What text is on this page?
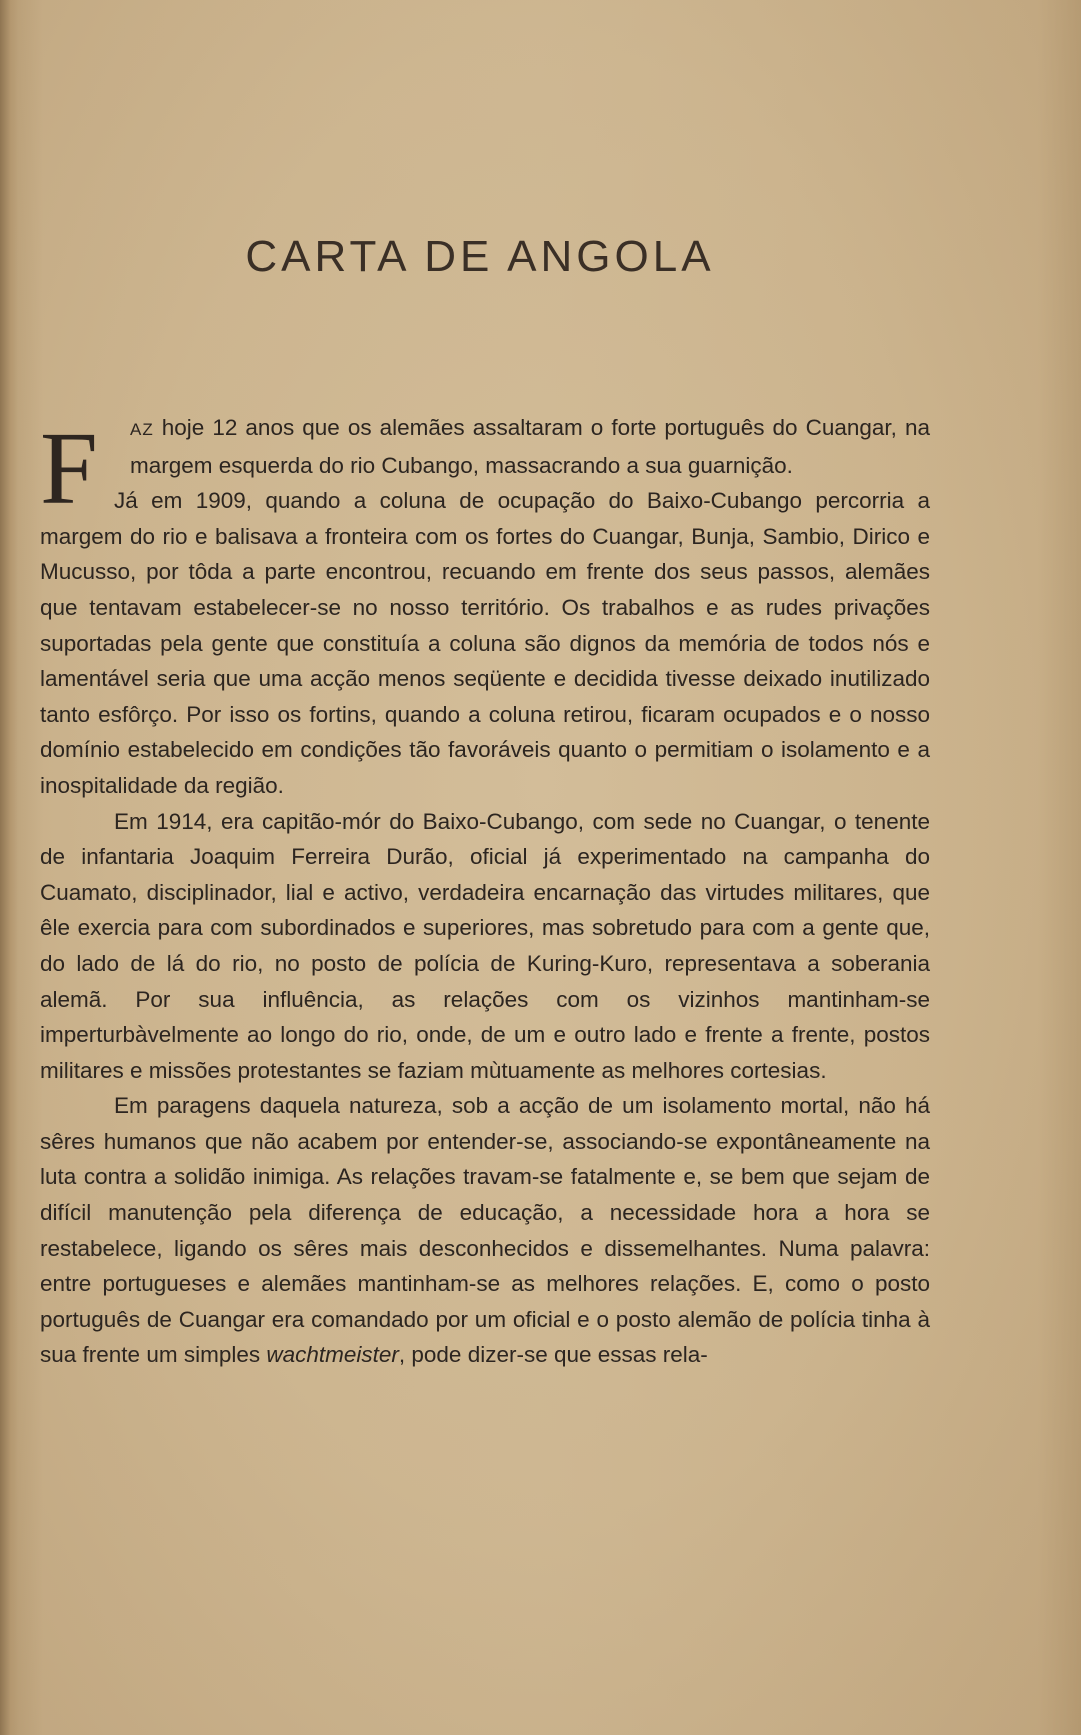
CARTA DE ANGOLA
F	AZ hoje 12 anos que os alemães assaltaram o forte português do Cuangar, na margem esquerda do rio Cubango, massacrando a sua guarnição.

Já em 1909, quando a coluna de ocupação do Baixo-Cubango percorria a margem do rio e balisava a fronteira com os fortes do Cuangar, Bunja, Sambio, Dirico e Mucusso, por tôda a parte encontrou, recuando em frente dos seus passos, alemães que tentavam estabelecer-se no nosso território. Os trabalhos e as rudes privações suportadas pela gente que constituía a coluna são dignos da memória de todos nós e lamentável seria que uma acção menos seqüente e decidida tivesse deixado inutilizado tanto esfôrço. Por isso os fortins, quando a coluna retirou, ficaram ocupados e o nosso domínio estabelecido em condições tão favoráveis quanto o permitiam o isolamento e a inospitalidade da região.

Em 1914, era capitão-mór do Baixo-Cubango, com sede no Cuangar, o tenente de infantaria Joaquim Ferreira Durão, oficial já experimentado na campanha do Cuamato, disciplinador, lial e activo, verdadeira encarnação das virtudes militares, que êle exercia para com subordinados e superiores, mas sobretudo para com a gente que, do lado de lá do rio, no posto de polícia de Kuring-Kuro, representava a soberania alemã. Por sua influência, as relações com os vizinhos mantinham-se imperturbàvelmente ao longo do rio, onde, de um e outro lado e frente a frente, postos militares e missões protestantes se faziam mùtuamente as melhores cortesias.

Em paragens daquela natureza, sob a acção de um isolamento mortal, não há sêres humanos que não acabem por entender-se, associando-se expontâneamente na luta contra a solidão inimiga. As relações travam-se fatalmente e, se bem que sejam de difícil manutenção pela diferença de educação, a necessidade hora a hora se restabelece, ligando os sêres mais desconhecidos e dissemelhantes. Numa palavra: entre portugueses e alemães mantinham-se as melhores relações. E, como o posto português de Cuangar era comandado por um oficial e o posto alemão de polícia tinha à sua frente um simples wachtmeister, pode dizer-se que essas rela-
